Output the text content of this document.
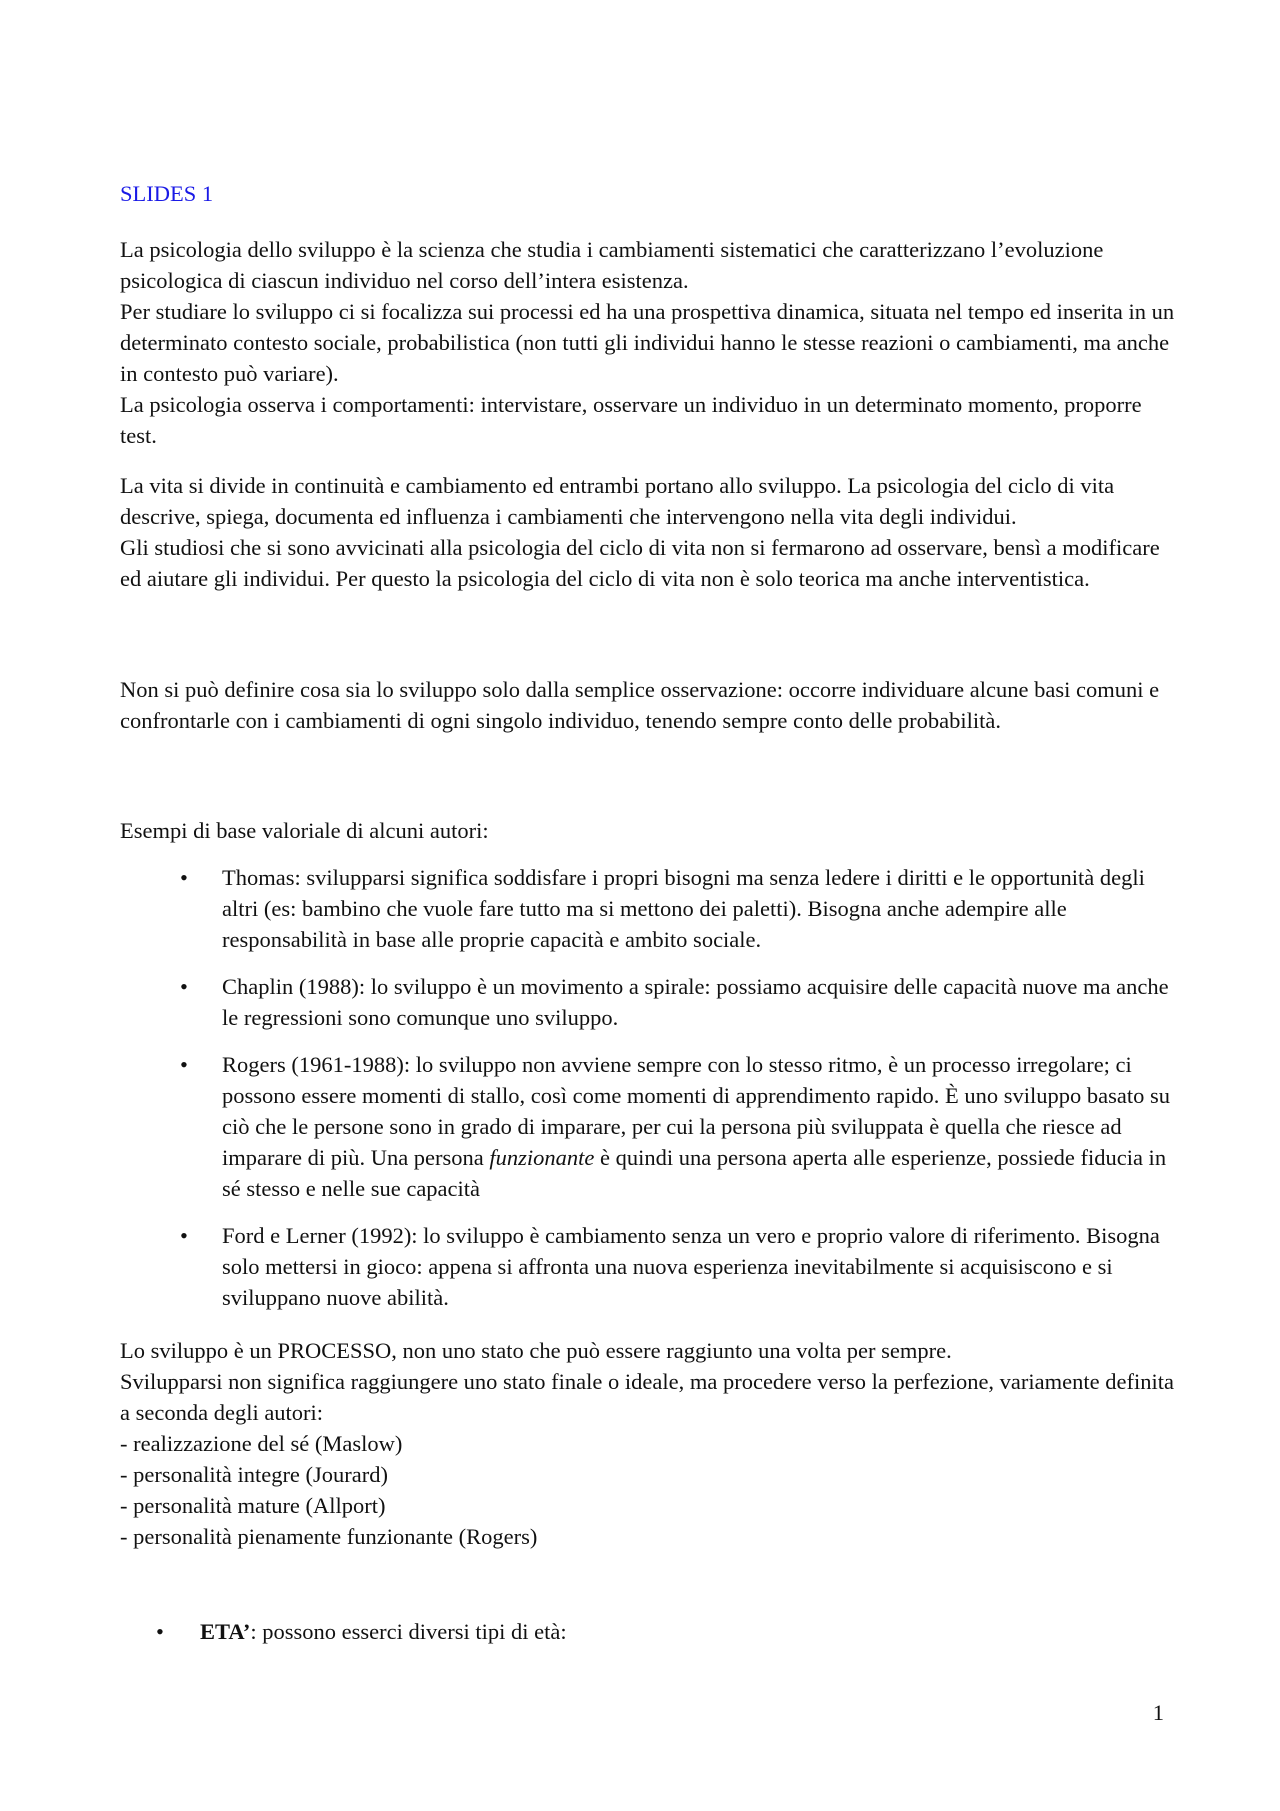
SLIDES 1

La psicologia dello sviluppo è la scienza che studia i cambiamenti sistematici che caratterizzano l’evoluzione psicologica di ciascun individuo nel corso dell’intera esistenza.

Per studiare lo sviluppo ci si focalizza sui processi ed ha una prospettiva dinamica, situata nel tempo ed inserita in un determinato contesto sociale, probabilistica (non tutti gli individui hanno le stesse reazioni o cambiamenti, ma anche in contesto può variare).

La psicologia osserva i comportamenti: intervistare, osservare un individuo in un determinato momento, proporre test.

La vita si divide in continuità e cambiamento ed entrambi portano allo sviluppo. La psicologia del ciclo di vita descrive, spiega, documenta ed influenza i cambiamenti che intervengono nella vita degli individui.

Gli studiosi che si sono avvicinati alla psicologia del ciclo di vita non si fermarono ad osservare, bensì a modificare ed aiutare gli individui. Per questo la psicologia del ciclo di vita non è solo teorica ma anche interventistica.

Non si può definire cosa sia lo sviluppo solo dalla semplice osservazione: occorre individuare alcune basi comuni e confrontarle con i cambiamenti di ogni singolo individuo, tenendo sempre conto delle probabilità.
Esempi di base valoriale di alcuni autori:
• Thomas: svilupparsi significa soddisfare i propri bisogni ma senza ledere i diritti e le opportunità degli altri (es: bambino che vuole fare tutto ma si mettono dei paletti). Bisogna anche adempire alle responsabilità in base alle proprie capacità e ambito sociale.
• Chaplin (1988): lo sviluppo è un movimento a spirale: possiamo acquisire delle capacità nuove ma anche le regressioni sono comunque uno sviluppo.
• Rogers (1961-1988): lo sviluppo non avviene sempre con lo stesso ritmo, è un processo irregolare; ci possono essere momenti di stallo, così come momenti di apprendimento rapido. È uno sviluppo basato su ciò che le persone sono in grado di imparare, per cui la persona più sviluppata è quella che riesce ad imparare di più. Una persona funzionante è quindi una persona aperta alle esperienze, possiede fiducia in sé stesso e nelle sue capacità
• Ford e Lerner (1992): lo sviluppo è cambiamento senza un vero e proprio valore di riferimento. Bisogna solo mettersi in gioco: appena si affronta una nuova esperienza inevitabilmente si acquisiscono e si sviluppano nuove abilità.

Lo sviluppo è un PROCESSO, non uno stato che può essere raggiunto una volta per sempre.

Svilupparsi non significa raggiungere uno stato finale o ideale, ma procedere verso la perfezione, variamente definita a seconda degli autori:

- realizzazione del sé (Maslow)

- personalità integre (Jourard)

- personalità mature (Allport)

- personalità pienamente funzionante (Rogers)

• ETA’: possono esserci diversi tipi di età:
1
